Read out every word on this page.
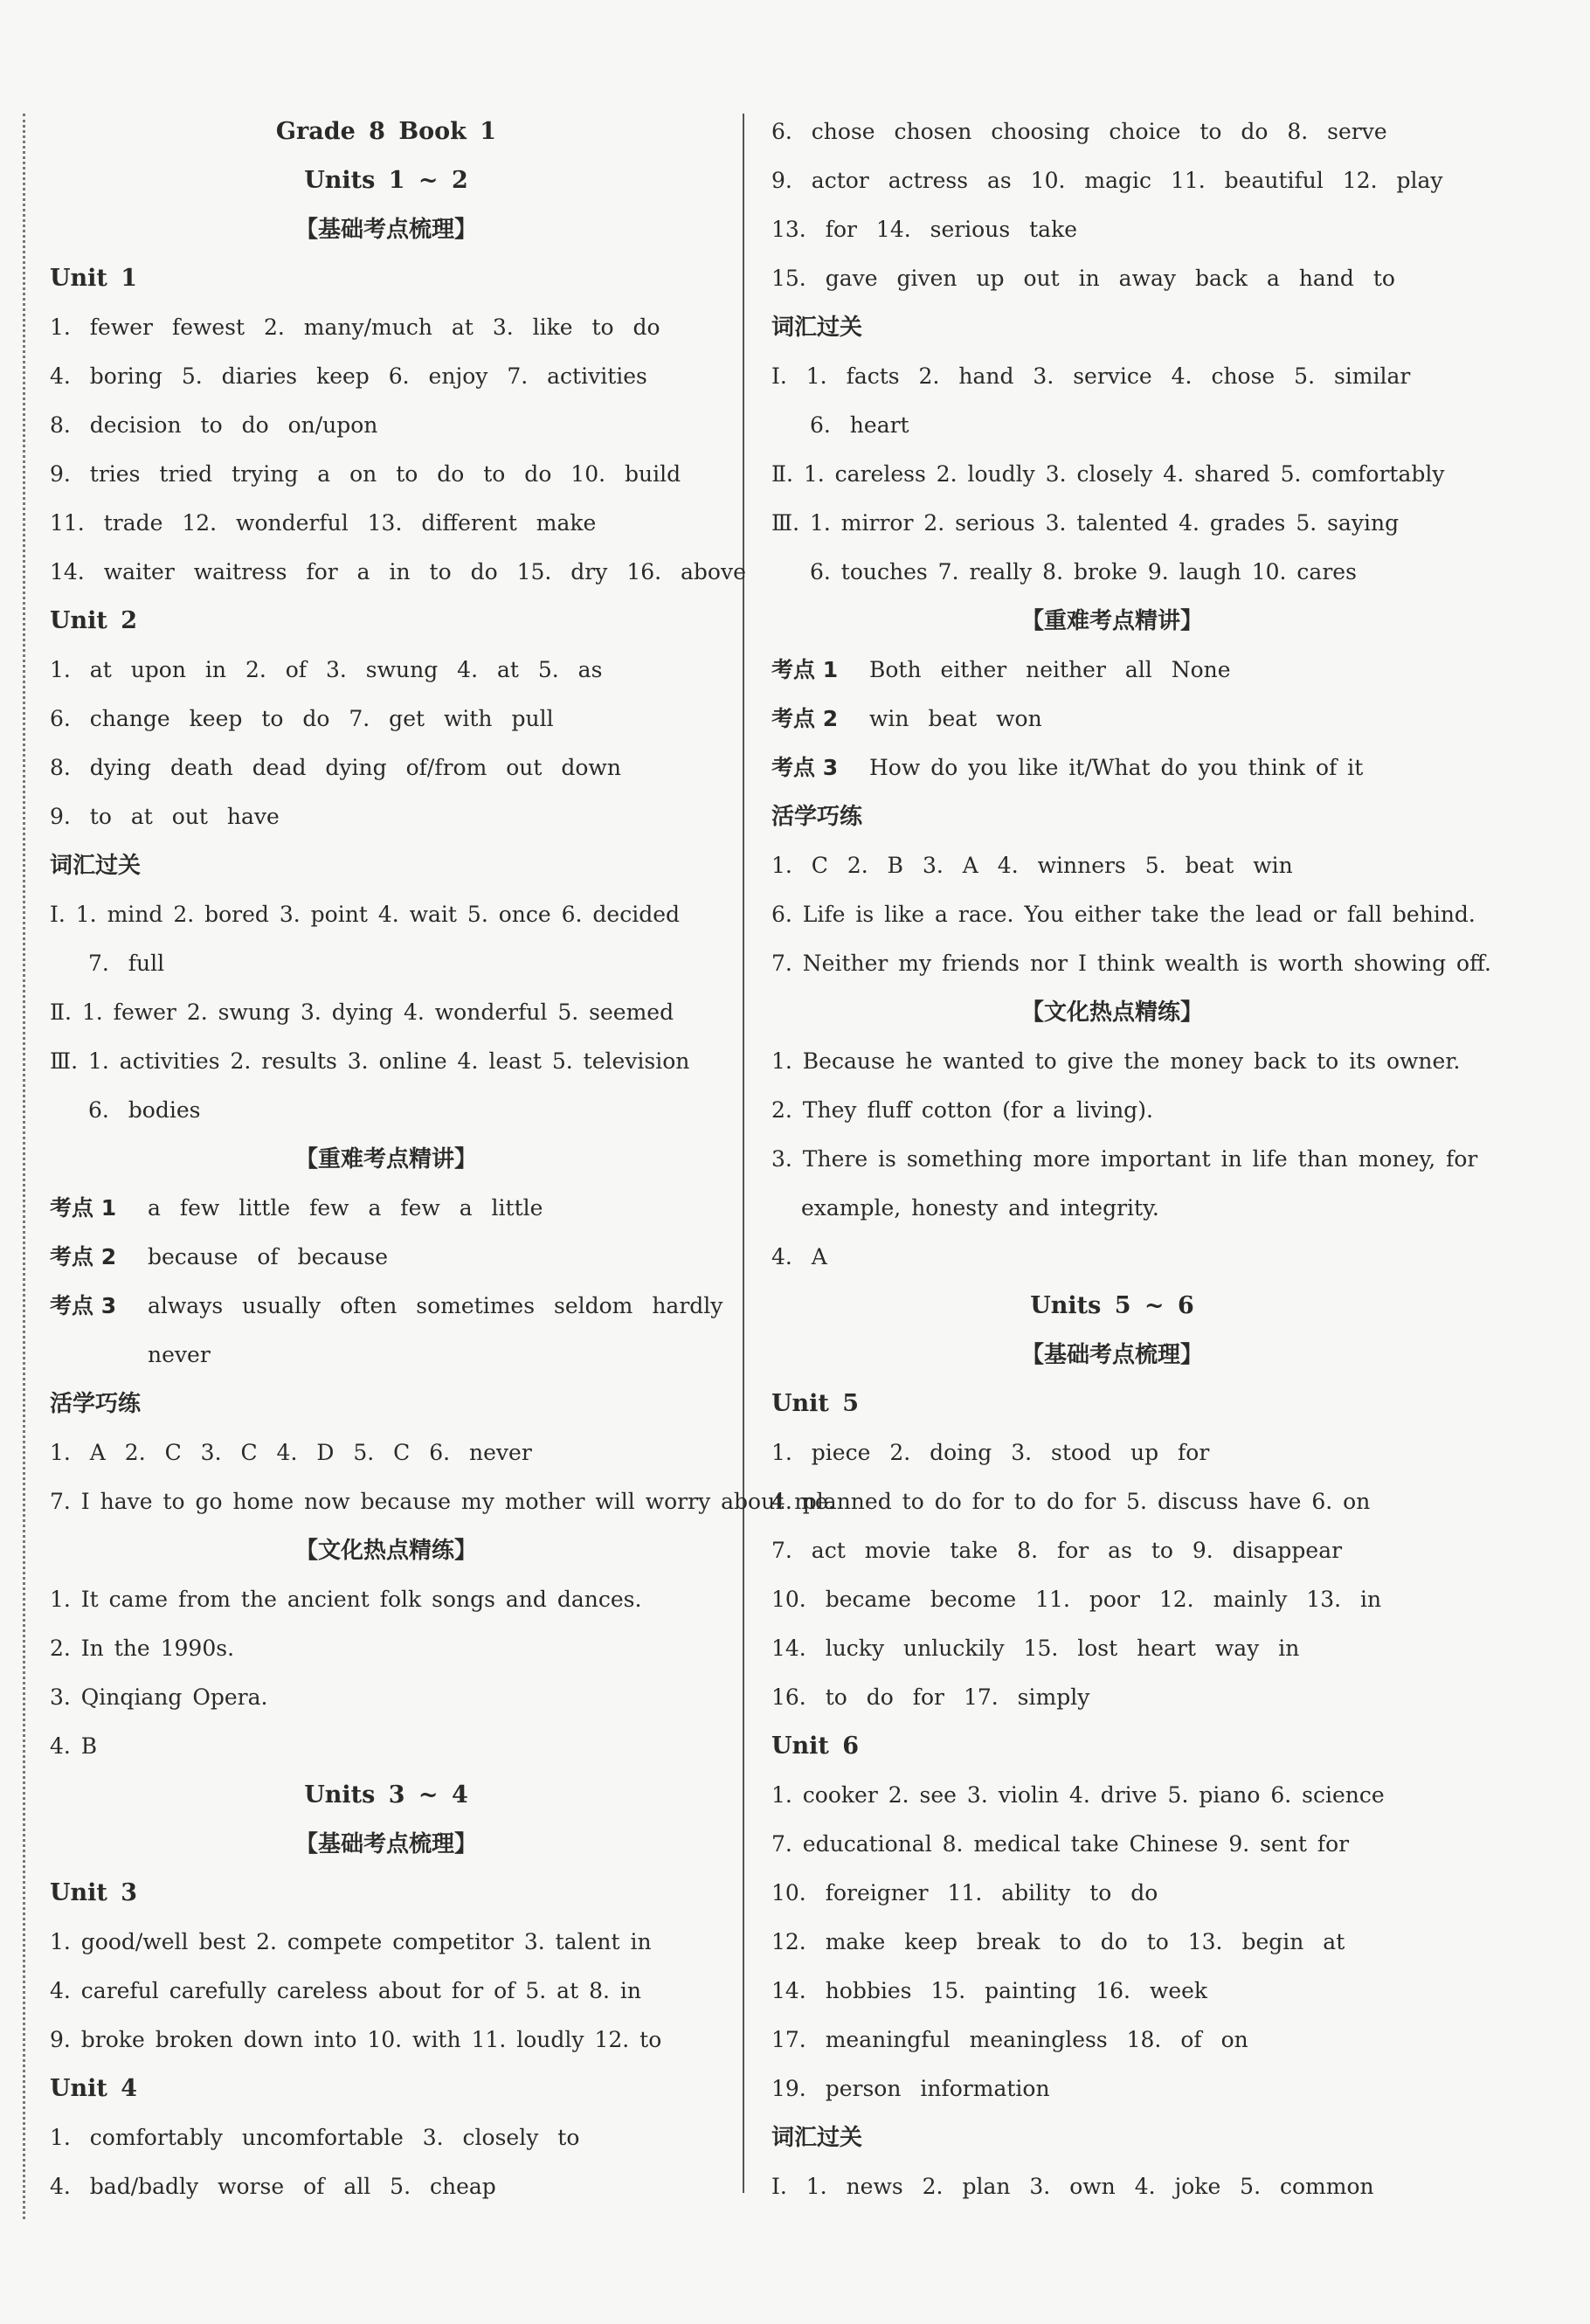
Grade 8 Book 1
Units 1 ~ 2
【基础考点梳理】
Unit 1
1. fewer fewest 2. many/much at 3. like to do
4. boring 5. diaries keep 6. enjoy 7. activities
8. decision to do on/upon
9. tries tried trying a on to do to do 10. build
11. trade 12. wonderful 13. different make
14. waiter waitress for a in to do 15. dry 16. above
Unit 2
1. at upon in 2. of 3. swung 4. at 5. as
6. change keep to do 7. get with pull
8. dying death dead dying of/from out down
9. to at out have
词汇过关
Ⅰ. 1. mind 2. bored 3. point 4. wait 5. once 6. decided
7. full
Ⅱ. 1. fewer 2. swung 3. dying 4. wonderful 5. seemed
Ⅲ. 1. activities 2. results 3. online 4. least 5. television
6. bodies
【重难考点精讲】
考点 1 a few little few a few a little
考点 2 because of because
考点 3 always usually often sometimes seldom hardly
never
活学巧练
1. A 2. C 3. C 4. D 5. C 6. never
7. I have to go home now because my mother will worry about me.
【文化热点精练】
1. It came from the ancient folk songs and dances.
2. In the 1990s.
3. Qinqiang Opera.
4. B
Units 3 ~ 4
【基础考点梳理】
Unit 3
1. good/well best 2. compete competitor 3. talent in
4. careful carefully careless about for of 5. at 8. in
9. broke broken down into 10. with 11. loudly 12. to
Unit 4
1. comfortably uncomfortable 3. closely to
4. bad/badly worse of all 5. cheap
6. chose chosen choosing choice to do 8. serve
9. actor actress as 10. magic 11. beautiful 12. play
13. for 14. serious take
15. gave given up out in away back a hand to
词汇过关
Ⅰ. 1. facts 2. hand 3. service 4. chose 5. similar
6. heart
Ⅱ. 1. careless 2. loudly 3. closely 4. shared 5. comfortably
Ⅲ. 1. mirror 2. serious 3. talented 4. grades 5. saying
6. touches 7. really 8. broke 9. laugh 10. cares
【重难考点精讲】
考点 1 Both either neither all None
考点 2 win beat won
考点 3 How do you like it/What do you think of it
活学巧练
1. C 2. B 3. A 4. winners 5. beat win
6. Life is like a race. You either take the lead or fall behind.
7. Neither my friends nor I think wealth is worth showing off.
【文化热点精练】
1. Because he wanted to give the money back to its owner.
2. They fluff cotton (for a living).
3. There is something more important in life than money, for
example, honesty and integrity.
4. A
Units 5 ~ 6
【基础考点梳理】
Unit 5
1. piece 2. doing 3. stood up for
4. planned to do for to do for 5. discuss have 6. on
7. act movie take 8. for as to 9. disappear
10. became become 11. poor 12. mainly 13. in
14. lucky unluckily 15. lost heart way in
16. to do for 17. simply
Unit 6
1. cooker 2. see 3. violin 4. drive 5. piano 6. science
7. educational 8. medical take Chinese 9. sent for
10. foreigner 11. ability to do
12. make keep break to do to 13. begin at
14. hobbies 15. painting 16. week
17. meaningful meaningless 18. of on
19. person information
词汇过关
Ⅰ. 1. news 2. plan 3. own 4. joke 5. common
